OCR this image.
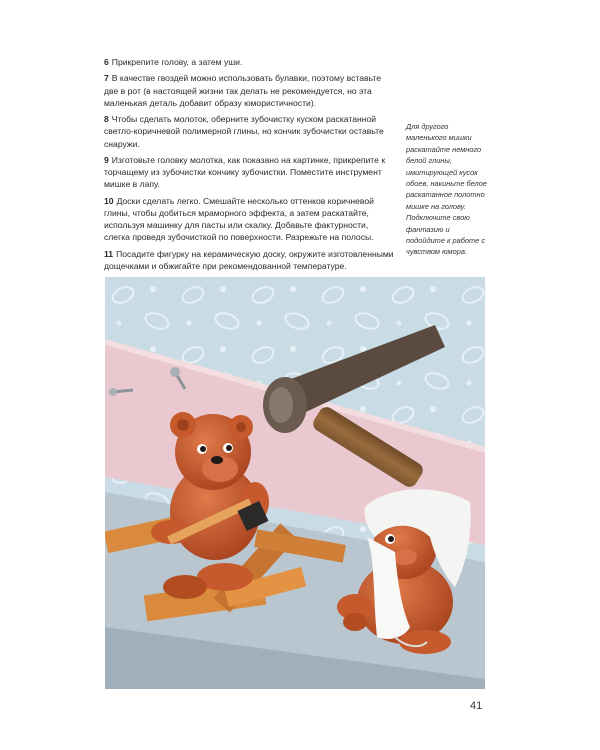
6 Прикрепите голову, а затем уши.

7 В качестве гвоздей можно использовать булавки, поэтому вставьте две в рот (в настоящей жизни так делать не рекомендуется, но эта маленькая деталь добавит образу юмористичности).

8 Чтобы сделать молоток, оберните зубочистку куском раскатанной светло-коричневой полимерной глины, но кончик зубочистки оставьте снаружи.

9 Изготовьте головку молотка, как показано на картинке, прикрепите к торчащему из зубочистки кончику зубочистки. Поместите инструмент мишке в лапу.

10 Доски сделать легко. Смешайте несколько оттенков коричневой глины, чтобы добиться мраморного эффекта, а затем раскатайте, используя машинку для пасты или скалку. Добавьте фактурности, слегка проведя зубочисткой по поверхности. Разрежьте на полосы.

11 Посадите фигурку на керамическую доску, окружите изготовленными дощечками и обжигайте при рекомендованной температуре.

Для другого маленького мишки раскатайте немного белой глины, имитирующей кусок обоев, накиньте белое раскатанное полотно мишке на голову. Подключите свою фантазию и подойдите к работе с чувством юмора.
41
